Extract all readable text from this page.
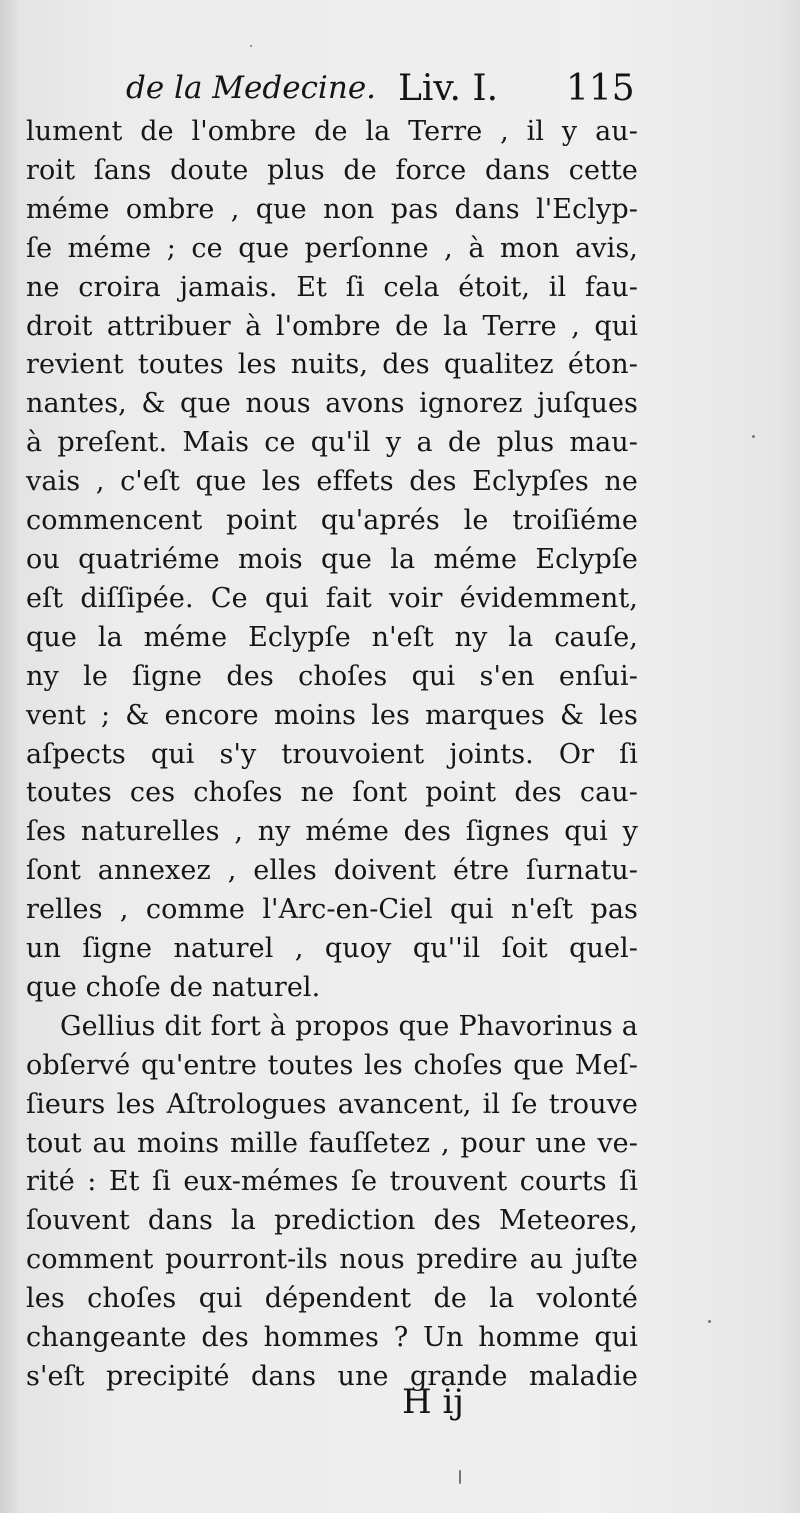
de la Medecine. Liv. I. 115
lument de l'ombre de la Terre , il y au-
roit ſans doute plus de force dans cette
méme ombre , que non pas dans l'Eclyp-
ſe méme ; ce que perſonne , à mon avis,
ne croira jamais. Et ſi cela étoit, il fau-
droit attribuer à l'ombre de la Terre , qui
revient toutes les nuits, des qualitez éton-
nantes, & que nous avons ignorez juſques
à preſent. Mais ce qu'il y a de plus mau-
vais , c'eſt que les effets des Eclypſes ne
commencent point qu'aprés le troiſiéme
ou quatriéme mois que la méme Eclypſe
eſt diſſipée. Ce qui fait voir évidemment,
que la méme Eclypſe n'eſt ny la cauſe,
ny le ſigne des choſes qui s'en enſui-
vent ; & encore moins les marques & les
aſpects qui s'y trouvoient joints. Or ſi
toutes ces choſes ne ſont point des cau-
ſes naturelles , ny méme des ſignes qui y
ſont annexez , elles doivent étre ſurnatu-
relles , comme l'Arc-en-Ciel qui n'eſt pas
un ſigne naturel , quoy qu''il ſoit quel-
que choſe de naturel.
Gellius dit fort à propos que Phavorinus a
obſervé qu'entre toutes les choſes que Meſ-
ſieurs les Aſtrologues avancent, il ſe trouve
tout au moins mille fauſſetez , pour une ve-
rité : Et ſi eux-mémes ſe trouvent courts ſi
ſouvent dans la prediction des Meteores,
comment pourront-ils nous predire au juſte
les choſes qui dépendent de la volonté
changeante des hommes ? Un homme qui
s'eſt precipité dans une grande maladie
H ij
